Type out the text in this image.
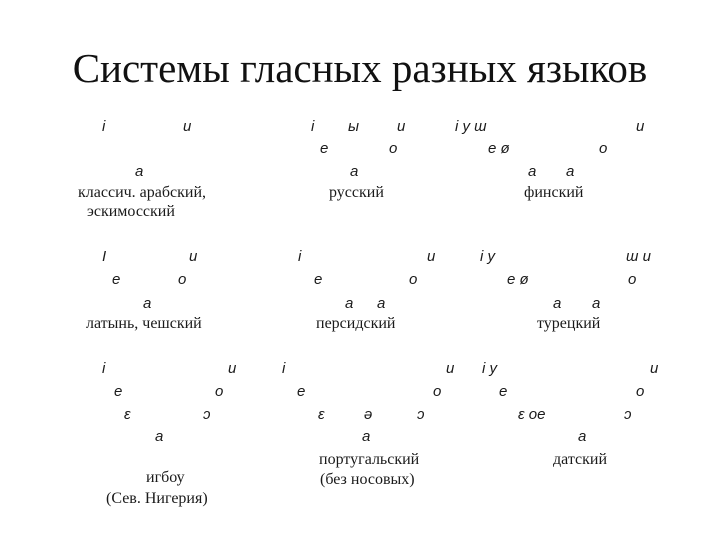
Системы гласных разных языков
i	u
a
классич. арабский,
эскимосский
i ы	u
e	o
a
русский
i y ш	u
e ø	o
a a
финский
I	u
e	o
a
латынь, чешский
i	u
e	o
a a
персидский
i y	ш u
e ø	o
a a
турецкий
i	u
e	o
ɛ	ɔ
a
игбоу
(Сев. Нигерия)
i	u
e	o
ɛ	ə	ɔ
a
португальский
(без носовых)
i y	u
e	o
ɛ oe	ɔ
a
датский
